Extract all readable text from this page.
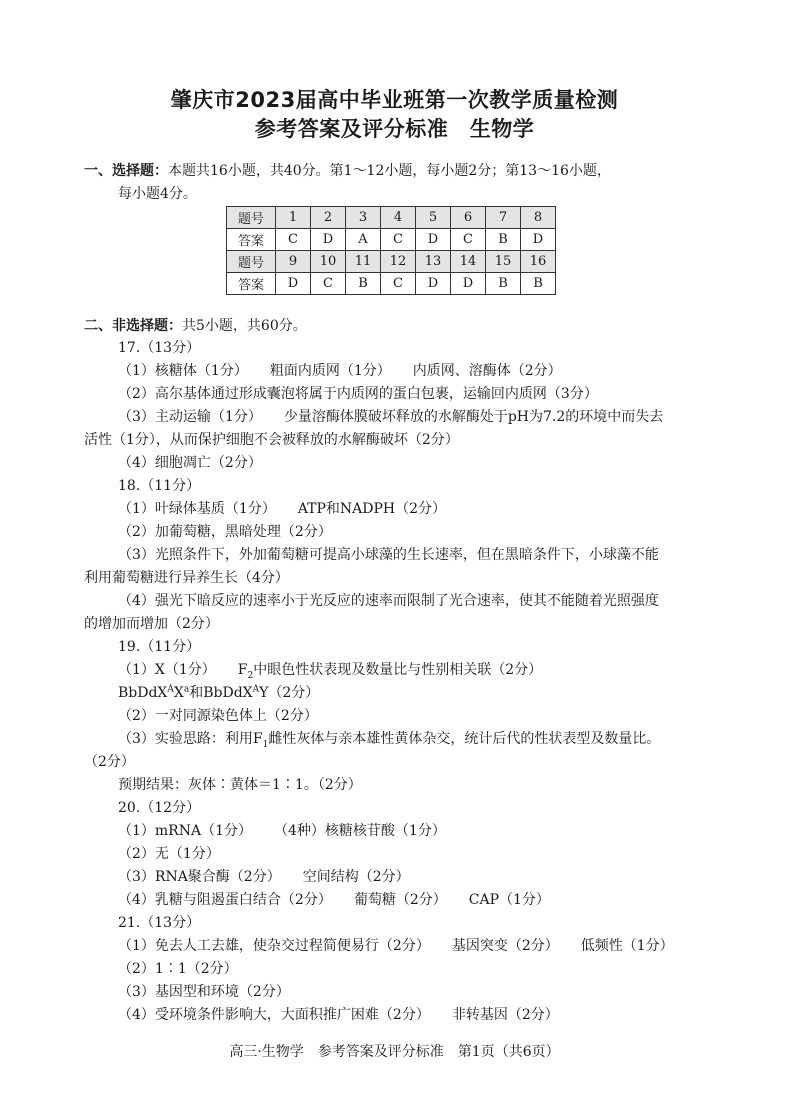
肇庆市2023届高中毕业班第一次教学质量检测
参考答案及评分标准　生物学
一、选择题：本题共16小题，共40分。第1～12小题，每小题2分；第13～16小题，
每小题4分。
题号	1	2	3	4	5	6	7	8
答案	C	D	A	C	D	C	B	D
题号	9	10	11	12	13	14	15	16
答案	D	C	B	C	D	D	B	B
二、非选择题：共5小题，共60分。
17.（13分）
（1）核糖体（1分） 粗面内质网（1分） 内质网、溶酶体（2分）
（2）高尔基体通过形成囊泡将属于内质网的蛋白包裹，运输回内质网（3分）
（3）主动运输（1分） 少量溶酶体膜破坏释放的水解酶处于pH为7.2的环境中而失去
活性（1分），从而保护细胞不会被释放的水解酶破坏（2分）
（4）细胞凋亡（2分）
18.（11分）
（1）叶绿体基质（1分） ATP和NADPH（2分）
（2）加葡萄糖，黑暗处理（2分）
（3）光照条件下，外加葡萄糖可提高小球藻的生长速率，但在黑暗条件下，小球藻不能
利用葡萄糖进行异养生长（4分）
（4）强光下暗反应的速率小于光反应的速率而限制了光合速率，使其不能随着光照强度
的增加而增加（2分）
19.（11分）
（1）X（1分） $F_2$中眼色性状表现及数量比与性别相关联（2分）
$BbDdX^AX^a$和BbDdX$^A$Y（2分）
（2）一对同源染色体上（2分）
（3）实验思路：利用$F_1$雌性灰体与亲本雄性黄体杂交，统计后代的性状表型及数量比。
（2分）
预期结果：灰体∶黄体＝1∶1。（2分）
20.（12分）
（1）mRNA（1分） （4种）核糖核苷酸（1分）
（2）无（1分）
（3）RNA聚合酶（2分） 空间结构（2分）
（4）乳糖与阻遏蛋白结合（2分） 葡萄糖（2分） CAP（1分）
21.（13分）
（1）免去人工去雄，使杂交过程简便易行（2分） 基因突变（2分） 低频性（1分）
（2）1∶1（2分）
（3）基因型和环境（2分）
（4）受环境条件影响大，大面积推广困难（2分） 非转基因（2分）
高三·生物学　参考答案及评分标准　第1页（共6页）
